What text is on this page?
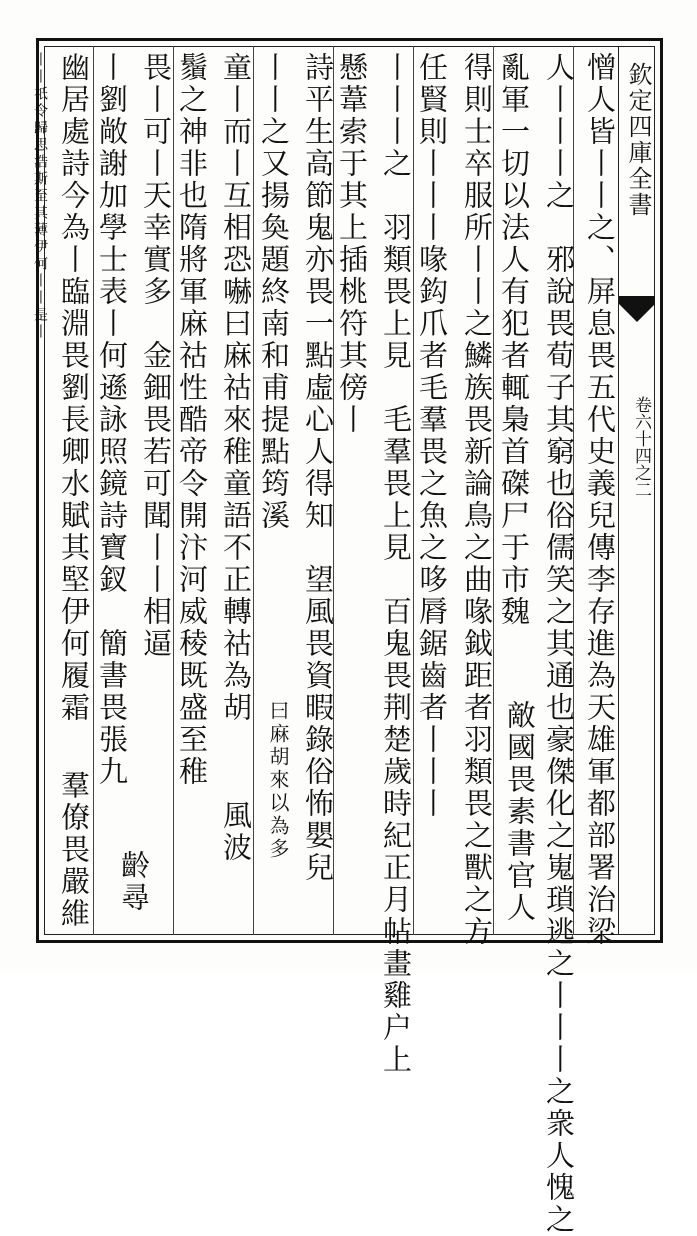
欽定四庫全書
卷六十四之二
憎人皆丨丨之、屏息畏五代史義兒傳李存進為天雄軍都部署治梁
人丨丨丨之　邪說畏荀子其窮也俗儒笑之其通也豪傑化之嵬瑣逃之丨丨丨之衆人愧之
亂軍一切以法人有犯者輒梟首磔尸于市魏
得則士卒服所丨丨之鱗族畏新論鳥之曲喙鉞距者羽類畏之獸之方
任賢則丨丨丨喙鈎爪者毛羣畏之魚之哆脣鋸齒者丨丨丨 敵國畏素書官人
丨丨丨之　羽類畏上見　毛羣畏上見　百鬼畏荆楚歲時紀正月帖畫雞户上
懸葦索于其上插桃符其傍丨
詩平生高節鬼亦畏一點虛心人得知　望風畏資暇錄俗怖嬰兒
丨丨之又揚奐題終南和甫提點筠溪
曰麻胡來以為多
童丨而丨互相恐嚇曰麻祜來稚童語不正轉祜為胡
鬚之神非也隋將軍麻祜性酷帝令開汴河威稜既盛至稚
風波
畏丨可丨天幸實多　金鈿畏若可聞丨丨相逼
丨劉敞謝加學士表丨何遜詠照鏡詩寶釵　簡書畏張九
齡尋
幽居處詩今為丨臨淵畏劉長卿水賦其堅伊何履霜
丨丨祇令歸思浩斯至其薄伊何丨丨是丨
羣僚畏嚴維
